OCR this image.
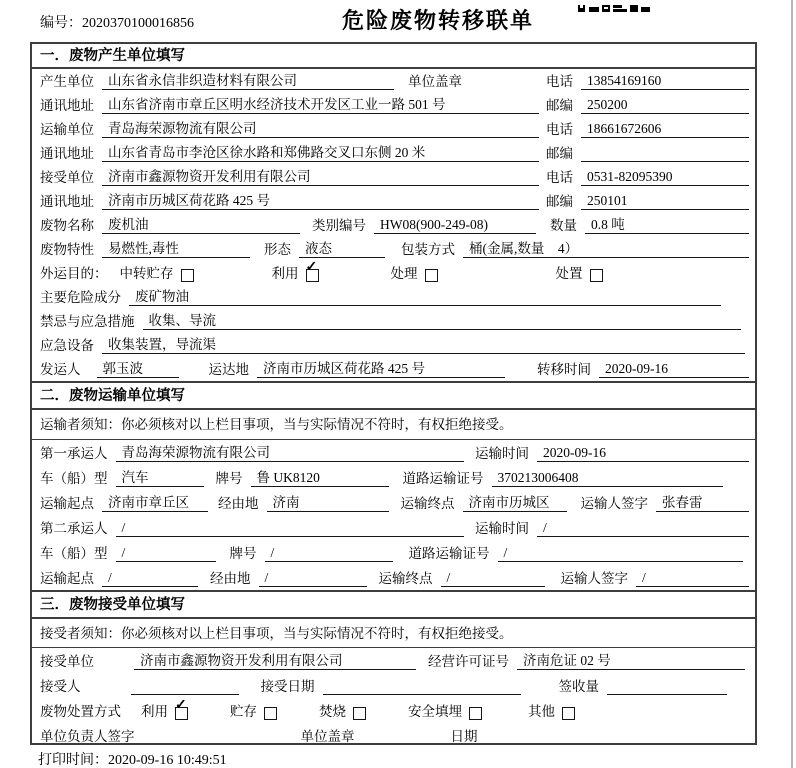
编号：2020370100016856	危险废物转移联单
一．废物产生单位填写
产生单位	山东省永信非织造材料有限公司	单位盖章	电话	13854169160
通讯地址	山东省济南市章丘区明水经济技术开发区工业一路 501 号	邮编	250200
运输单位	青岛海荣源物流有限公司	电话	18661672606
通讯地址	山东省青岛市李沧区徐水路和郑佛路交叉口东侧 20 米	邮编
接受单位	济南市鑫源物资开发利用有限公司	电话	0531-82095390
通讯地址	济南市历城区荷花路 425 号	邮编	250101
废物名称	废机油	类别编号	HW08(900-249-08)	数量	0.8 吨
废物特性	易燃性,毒性	形态	液态	包装方式	桶(金属,数量　4）
外运目的： 中转贮存	利用 ✓	处理	处置
主要危险成分	废矿物油
禁忌与应急措施	收集、导流
应急设备	收集装置，导流渠
发运人	郭玉波	运达地	济南市历城区荷花路 425 号	转移时间	2020-09-16
二．废物运输单位填写
运输者须知：你必须核对以上栏目事项，当与实际情况不符时，有权拒绝接受。
第一承运人	青岛海荣源物流有限公司	运输时间	2020-09-16
车（船）型	汽车	牌号	鲁 UK8120	道路运输证号	370213006408
运输起点	济南市章丘区	经由地	济南	运输终点	济南市历城区	运输人签字	张春雷
第二承运人	/	运输时间	/
车（船）型	/	牌号	/	道路运输证号	/
运输起点	/	经由地	/	运输终点	/	运输人签字	/
三．废物接受单位填写
接受者须知：你必须核对以上栏目事项，当与实际情况不符时，有权拒绝接受。
接受单位	济南市鑫源物资开发利用有限公司	经营许可证号	济南危证 02 号
接受人	接受日期	签收量
废物处置方式 利用 ✓	贮存	焚烧	安全填埋	其他
单位负责人签字	单位盖章	日期
打印时间：2020-09-16 10:49:51
